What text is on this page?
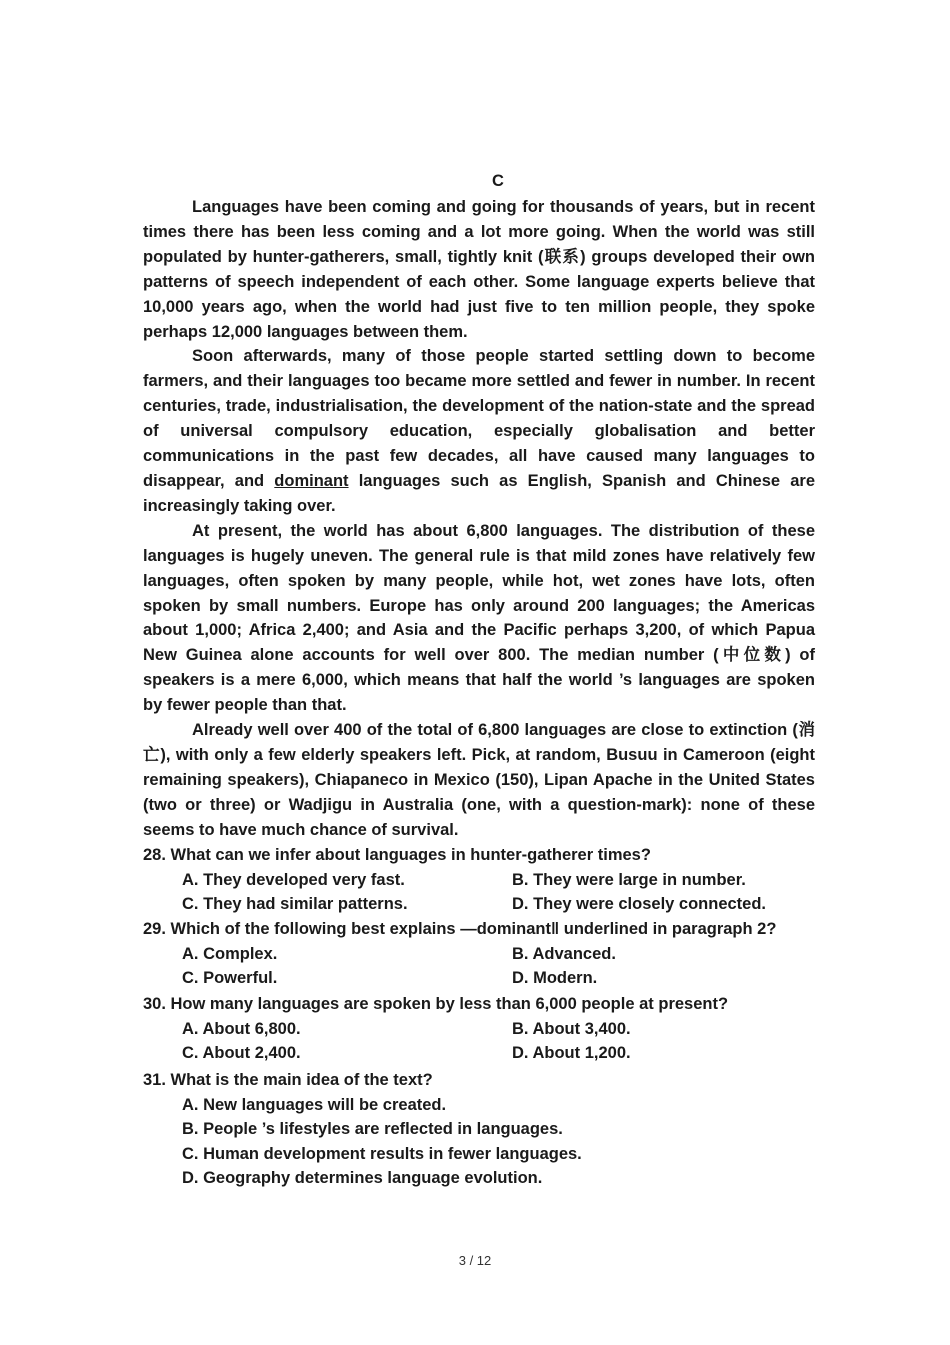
C

Languages have been coming and going for thousands of years, but in recent times there has been less coming and a lot more going. When the world was still populated by hunter-gatherers, small, tightly knit (联系) groups developed their own patterns of speech independent of each other. Some language experts believe that 10,000 years ago, when the world had just five to ten million people, they spoke perhaps 12,000 languages between them.

Soon afterwards, many of those people started settling down to become farmers, and their languages too became more settled and fewer in number. In recent centuries, trade, industrialisation, the development of the nation-state and the spread of universal compulsory education, especially globalisation and better communications in the past few decades, all have caused many languages to disappear, and dominant languages such as English, Spanish and Chinese are increasingly taking over.

At present, the world has about 6,800 languages. The distribution of these languages is hugely uneven. The general rule is that mild zones have relatively few languages, often spoken by many people, while hot, wet zones have lots, often spoken by small numbers. Europe has only around 200 languages; the Americas about 1,000; Africa 2,400; and Asia and the Pacific perhaps 3,200, of which Papua New Guinea alone accounts for well over 800. The median number (中位数) of speakers is a mere 6,000, which means that half the world ’s languages are spoken by fewer people than that.

Already well over 400 of the total of 6,800 languages are close to extinction (消亡), with only a few elderly speakers left. Pick, at random, Busuu in Cameroon (eight remaining speakers), Chiapaneco in Mexico (150), Lipan Apache in the United States (two or three) or Wadjigu in Australia (one, with a question-mark): none of these seems to have much chance of survival.

28. What can we infer about languages in hunter-gatherer times?
A. They developed very fast.	B. They were large in number.
C. They had similar patterns.	D. They were closely connected.
29. Which of the following best explains —dominant‖ underlined in paragraph 2?
A. Complex.	B. Advanced.
C. Powerful.	D. Modern.
30. How many languages are spoken by less than 6,000 people at present?
A. About 6,800.	B. About 3,400.
C. About 2,400.	D. About 1,200.
31. What is the main idea of the text?
A. New languages will be created.
B. People ’s lifestyles are reflected in languages.
C. Human development results in fewer languages.
D. Geography determines language evolution.
3 / 12
